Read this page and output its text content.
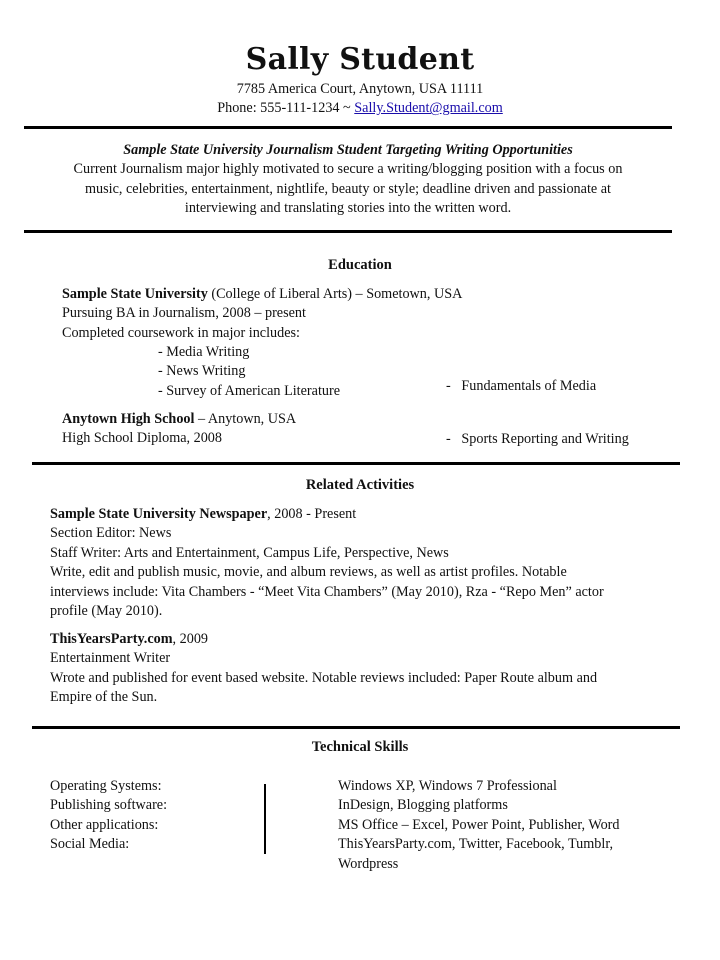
Sally Student
7785 America Court, Anytown, USA 11111
Phone: 555-111-1234 ~ Sally.Student@gmail.com
Sample State University Journalism Student Targeting Writing Opportunities
Current Journalism major highly motivated to secure a writing/blogging position with a focus on
music, celebrities, entertainment, nightlife, beauty or style; deadline driven and passionate at
interviewing and translating stories into the written word.
Education
Sample State University (College of Liberal Arts) – Sometown, USA
Pursuing BA in Journalism, 2008 – present
Completed coursework in major includes:
- Media Writing
- News Writing
- Survey of American Literature

	-   Fundamentals of Media

-   Sports Reporting and Writing

Anytown High School – Anytown, USA
High School Diploma, 2008
Related Activities
Sample State University Newspaper, 2008 - Present
Section Editor: News
Staff Writer: Arts and Entertainment, Campus Life, Perspective, News
Write, edit and publish music, movie, and album reviews, as well as artist profiles. Notable
interviews include: Vita Chambers - “Meet Vita Chambers” (May 2010), Rza - “Repo Men” actor
profile (May 2010).
ThisYearsParty.com, 2009
Entertainment Writer
Wrote and published for event based website. Notable reviews included: Paper Route album and
Empire of the Sun.
Technical Skills
Operating Systems:
Publishing software:
Other applications:
Social Media:
Windows XP, Windows 7 Professional
InDesign, Blogging platforms
MS Office – Excel, Power Point, Publisher, Word
ThisYearsParty.com, Twitter, Facebook, Tumblr,
Wordpress
